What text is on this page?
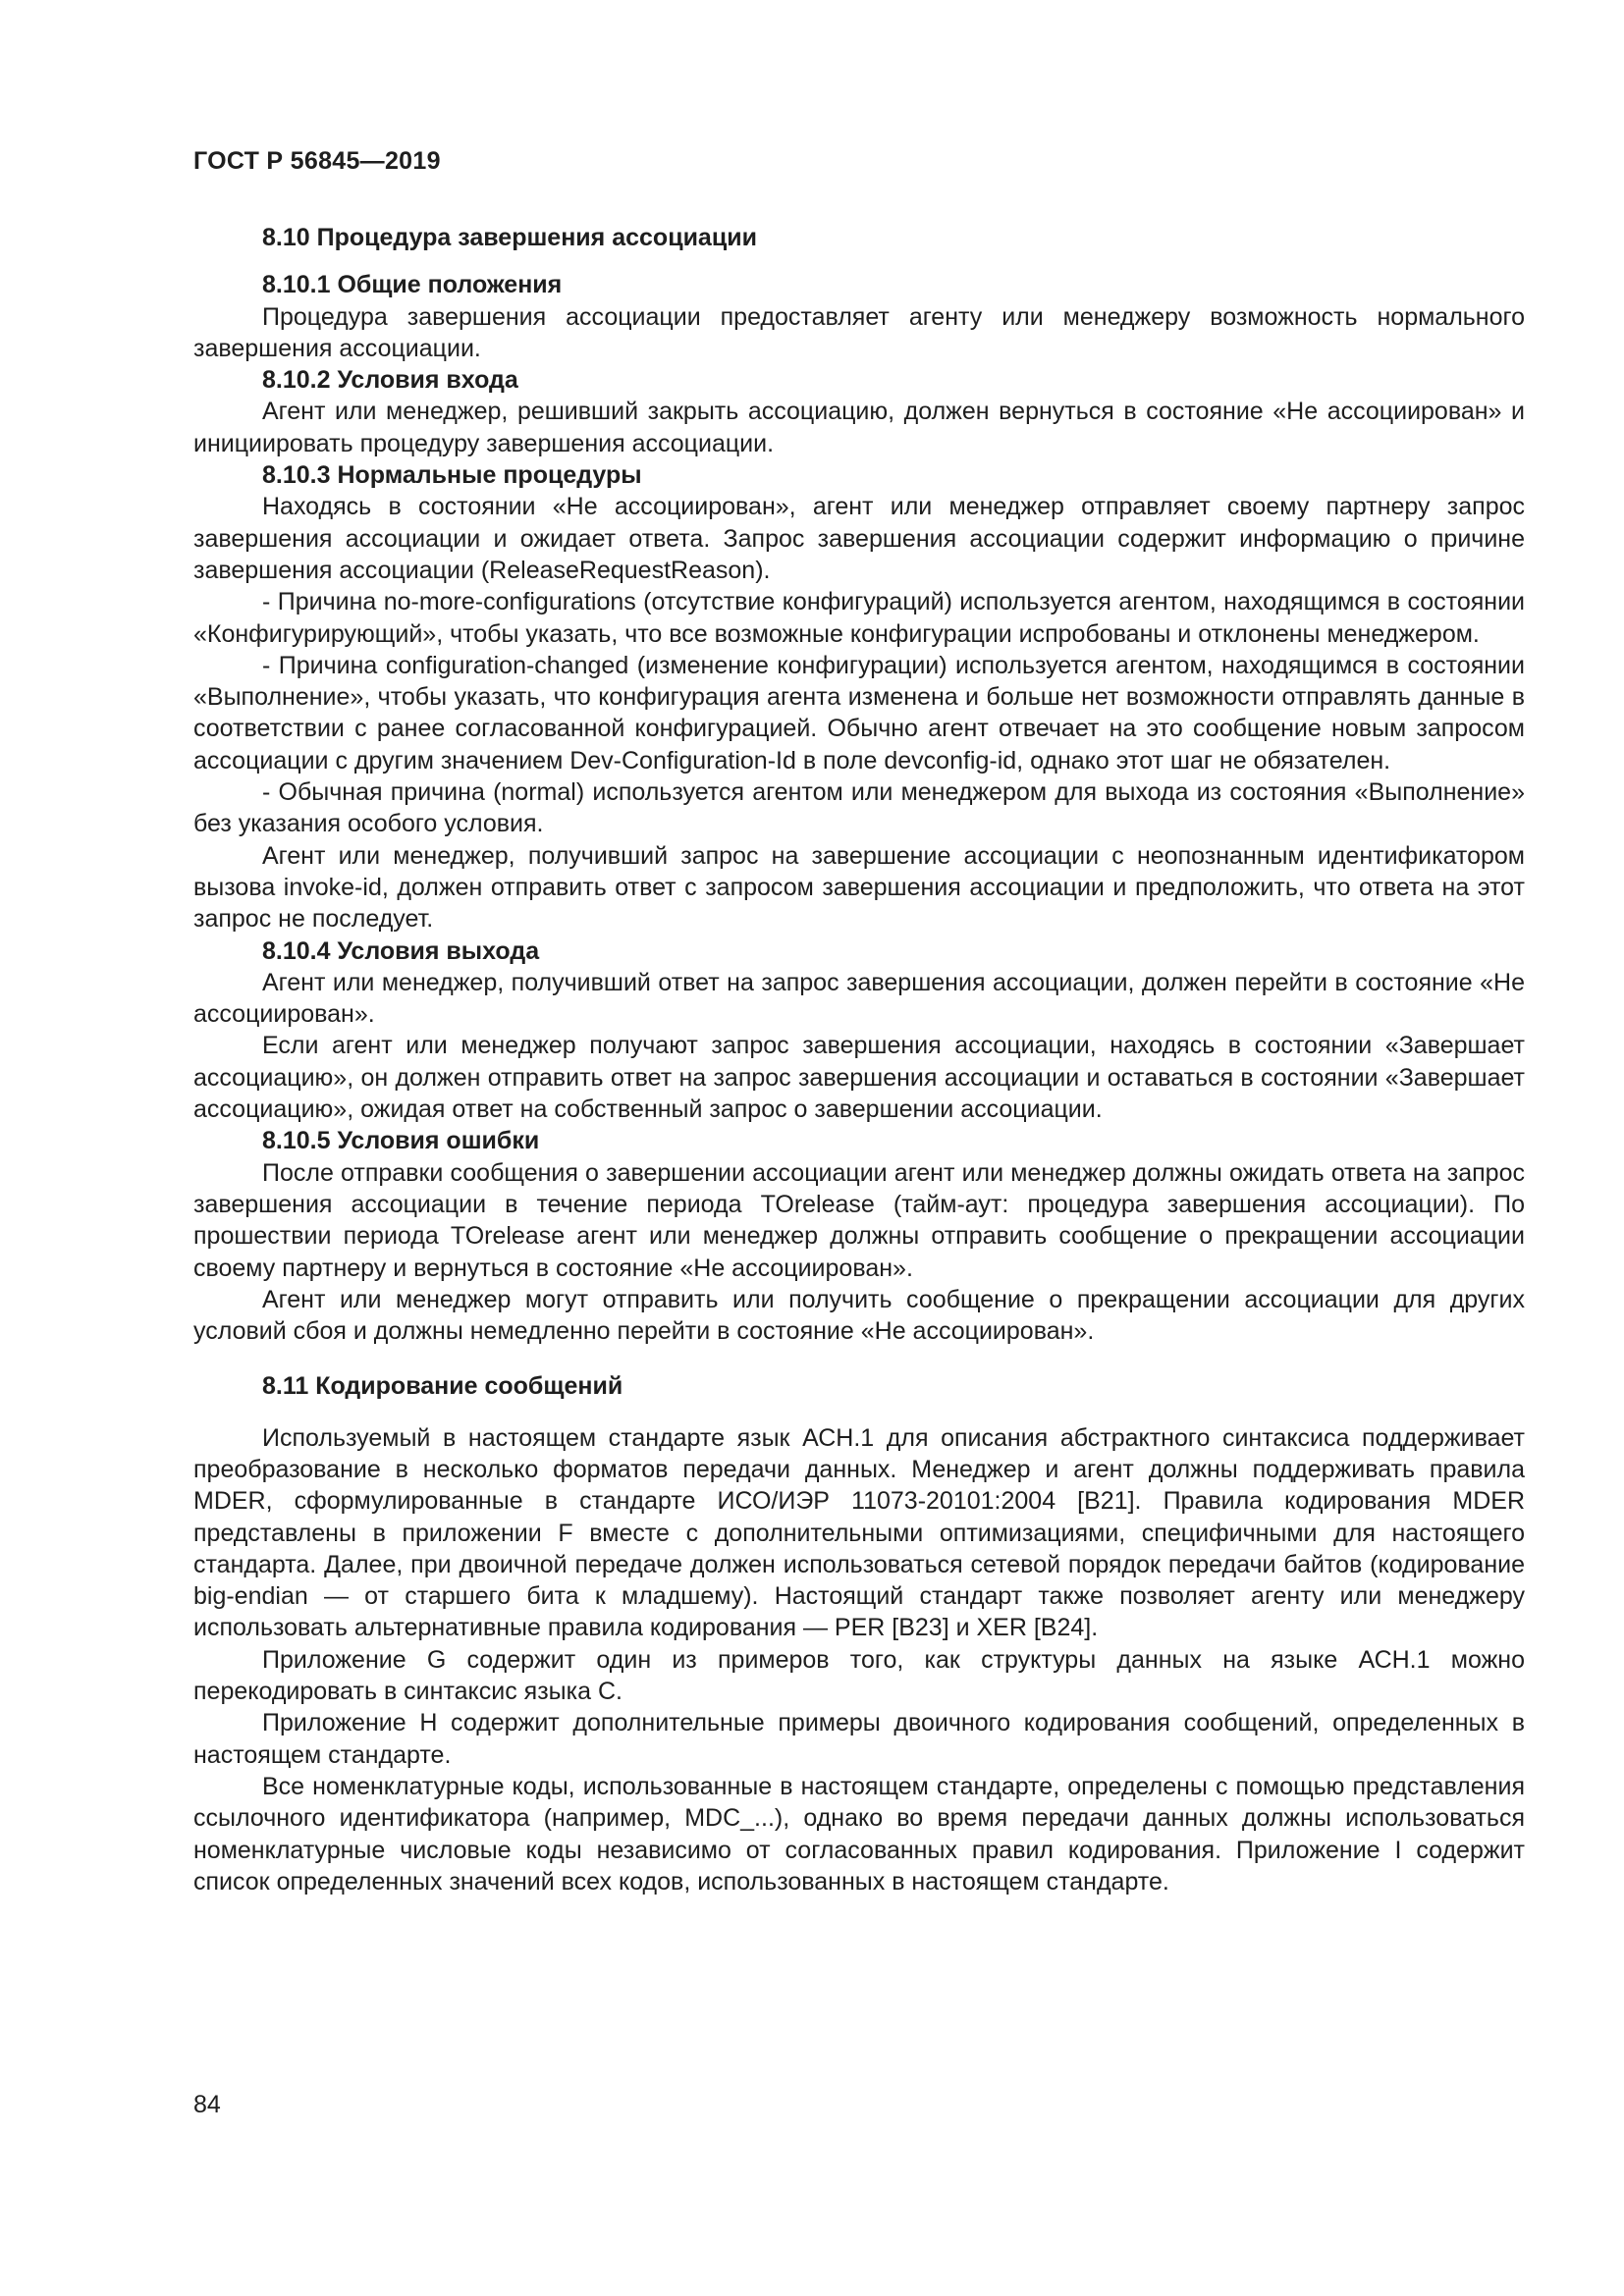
ГОСТ Р 56845—2019
8.10 Процедура завершения ассоциации
8.10.1 Общие положения

Процедура завершения ассоциации предоставляет агенту или менеджеру возможность нормального завершения ассоциации.

8.10.2 Условия входа

Агент или менеджер, решивший закрыть ассоциацию, должен вернуться в состояние «Не ассоциирован» и инициировать процедуру завершения ассоциации.

8.10.3 Нормальные процедуры

Находясь в состоянии «Не ассоциирован», агент или менеджер отправляет своему партнеру запрос завершения ассоциации и ожидает ответа. Запрос завершения ассоциации содержит информацию о причине завершения ассоциации (ReleaseRequestReason).

- Причина no-more-configurations (отсутствие конфигураций) используется агентом, находящимся в состоянии «Конфигурирующий», чтобы указать, что все возможные конфигурации испробованы и отклонены менеджером.

- Причина configuration-changed (изменение конфигурации) используется агентом, находящимся в состоянии «Выполнение», чтобы указать, что конфигурация агента изменена и больше нет возможности отправлять данные в соответствии с ранее согласованной конфигурацией. Обычно агент отвечает на это сообщение новым запросом ассоциации с другим значением Dev-Configuration-Id в поле devconfig-id, однако этот шаг не обязателен.

- Обычная причина (normal) используется агентом или менеджером для выхода из состояния «Выполнение» без указания особого условия.

Агент или менеджер, получивший запрос на завершение ассоциации с неопознанным идентификатором вызова invoke-id, должен отправить ответ с запросом завершения ассоциации и предположить, что ответа на этот запрос не последует.

8.10.4 Условия выхода

Агент или менеджер, получивший ответ на запрос завершения ассоциации, должен перейти в состояние «Не ассоциирован».

Если агент или менеджер получают запрос завершения ассоциации, находясь в состоянии «Завершает ассоциацию», он должен отправить ответ на запрос завершения ассоциации и оставаться в состоянии «Завершает ассоциацию», ожидая ответ на собственный запрос о завершении ассоциации.

8.10.5 Условия ошибки

После отправки сообщения о завершении ассоциации агент или менеджер должны ожидать ответа на запрос завершения ассоциации в течение периода TOrelease (тайм-аут: процедура завершения ассоциации). По прошествии периода TOrelease агент или менеджер должны отправить сообщение о прекращении ассоциации своему партнеру и вернуться в состояние «Не ассоциирован».

Агент или менеджер могут отправить или получить сообщение о прекращении ассоциации для других условий сбоя и должны немедленно перейти в состояние «Не ассоциирован».

8.11 Кодирование сообщений

Используемый в настоящем стандарте язык АСН.1 для описания абстрактного синтаксиса поддерживает преобразование в несколько форматов передачи данных. Менеджер и агент должны поддерживать правила MDER, сформулированные в стандарте ИСО/ИЭР 11073-20101:2004 [В21]. Правила кодирования MDER представлены в приложении F вместе с дополнительными оптимизациями, специфичными для настоящего стандарта. Далее, при двоичной передаче должен использоваться сетевой порядок передачи байтов (кодирование big-endian — от старшего бита к младшему). Настоящий стандарт также позволяет агенту или менеджеру использовать альтернативные правила кодирования — PER [В23] и XER [В24].

Приложение G содержит один из примеров того, как структуры данных на языке АСН.1 можно перекодировать в синтаксис языка С.

Приложение H содержит дополнительные примеры двоичного кодирования сообщений, определенных в настоящем стандарте.

Все номенклатурные коды, использованные в настоящем стандарте, определены с помощью представления ссылочного идентификатора (например, MDC_...), однако во время передачи данных должны использоваться номенклатурные числовые коды независимо от согласованных правил кодирования. Приложение I содержит список определенных значений всех кодов, использованных в настоящем стандарте.

84
